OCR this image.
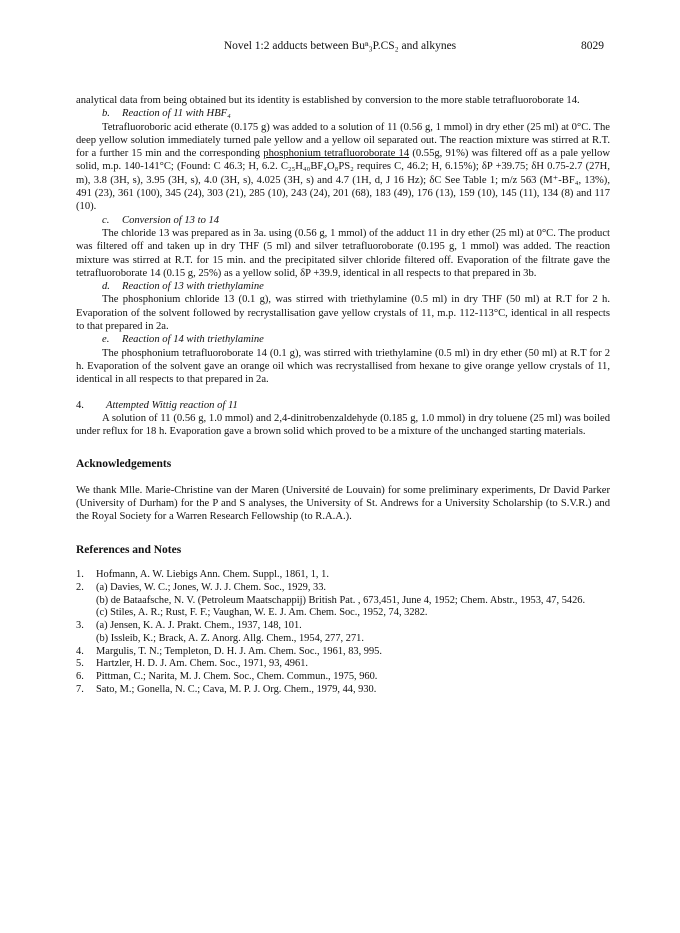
Novel 1:2 adducts between Buⁿ₃P.CS₂ and alkynes	8029

analytical data from being obtained but its identity is established by conversion to the more stable tetrafluoroborate 14.

b. Reaction of 11 with HBF₄

Tetrafluoroboric acid etherate (0.175 g) was added to a solution of 11 (0.56 g, 1 mmol) in dry ether (25 ml) at 0°C. The deep yellow solution immediately turned pale yellow and a yellow oil separated out. The reaction mixture was stirred at R.T. for a further 15 min and the corresponding phosphonium tetrafluoroborate 14 (0.55g, 91%) was filtered off as a pale yellow solid, m.p. 140-141°C; (Found: C 46.3; H, 6.2. C₂₅H₄₀BF₄O₈PS₂ requires C, 46.2; H, 6.15%); δP +39.75; δH 0.75-2.7 (27H, m), 3.8 (3H, s), 3.95 (3H, s), 4.0 (3H, s), 4.025 (3H, s) and 4.7 (1H, d, J 16 Hz); δC See Table 1; m/z 563 (M⁺-BF₄, 13%), 491 (23), 361 (100), 345 (24), 303 (21), 285 (10), 243 (24), 201 (68), 183 (49), 176 (13), 159 (10), 145 (11), 134 (8) and 117 (10).

c. Conversion of 13 to 14

The chloride 13 was prepared as in 3a. using (0.56 g, 1 mmol) of the adduct 11 in dry ether (25 ml) at 0°C. The product was filtered off and taken up in dry THF (5 ml) and silver tetrafluoroborate (0.195 g, 1 mmol) was added. The reaction mixture was stirred at R.T. for 15 min. and the precipitated silver chloride filtered off. Evaporation of the filtrate gave the tetrafluoroborate 14 (0.15 g, 25%) as a yellow solid, δP +39.9, identical in all respects to that prepared in 3b.

d. Reaction of 13 with triethylamine

The phosphonium chloride 13 (0.1 g), was stirred with triethylamine (0.5 ml) in dry THF (50 ml) at R.T for 2 h. Evaporation of the solvent followed by recrystallisation gave yellow crystals of 11, m.p. 112-113°C, identical in all respects to that prepared in 2a.

e. Reaction of 14 with triethylamine

The phosphonium tetrafluoroborate 14 (0.1 g), was stirred with triethylamine (0.5 ml) in dry ether (50 ml) at R.T for 2 h. Evaporation of the solvent gave an orange oil which was recrystallised from hexane to give orange yellow crystals of 11, identical in all respects to that prepared in 2a.

4. Attempted Wittig reaction of 11

A solution of 11 (0.56 g, 1.0 mmol) and 2,4-dinitrobenzaldehyde (0.185 g, 1.0 mmol) in dry toluene (25 ml) was boiled under reflux for 18 h. Evaporation gave a brown solid which proved to be a mixture of the unchanged starting materials.

Acknowledgements

We thank Mlle. Marie-Christine van der Maren (Université de Louvain) for some preliminary experiments, Dr David Parker (University of Durham) for the P and S analyses, the University of St. Andrews for a University Scholarship (to S.V.R.) and the Royal Society for a Warren Research Fellowship (to R.A.A.).

References and Notes

1. Hofmann, A. W. Liebigs Ann. Chem. Suppl., 1861, 1, 1.
2. (a) Davies, W. C.; Jones, W. J. J. Chem. Soc., 1929, 33.
(b) de Bataafsche, N. V. (Petroleum Maatschappij) British Pat. , 673,451, June 4, 1952; Chem. Abstr., 1953, 47, 5426.
(c) Stiles, A. R.; Rust, F. F.; Vaughan, W. E. J. Am. Chem. Soc., 1952, 74, 3282.
3. (a) Jensen, K. A. J. Prakt. Chem., 1937, 148, 101.
(b) Issleib, K.; Brack, A. Z. Anorg. Allg. Chem., 1954, 277, 271.
4. Margulis, T. N.; Templeton, D. H. J. Am. Chem. Soc., 1961, 83, 995.
5. Hartzler, H. D. J. Am. Chem. Soc., 1971, 93, 4961.
6. Pittman, C.; Narita, M. J. Chem. Soc., Chem. Commun., 1975, 960.
7. Sato, M.; Gonella, N. C.; Cava, M. P. J. Org. Chem., 1979, 44, 930.
